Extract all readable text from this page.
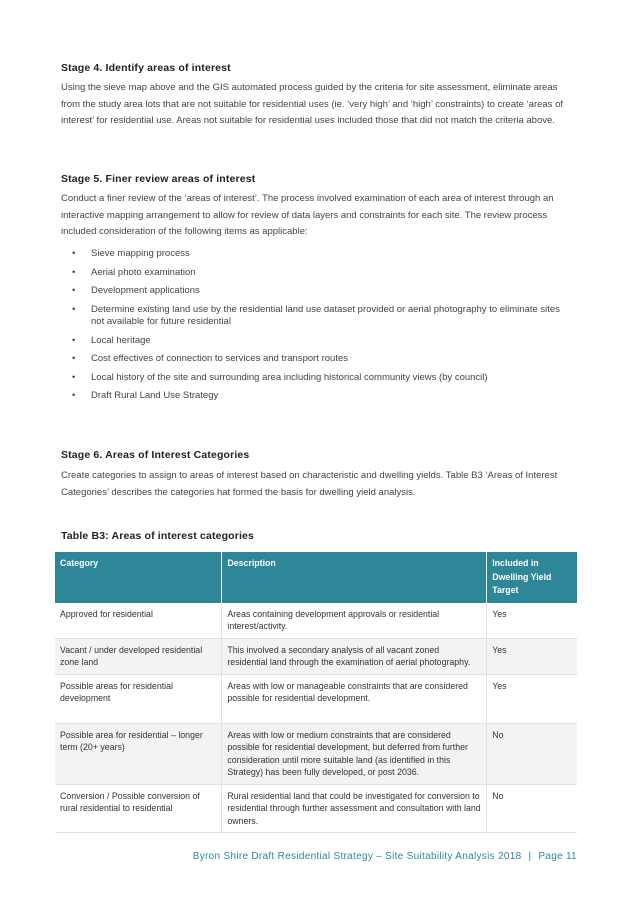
Stage 4. Identify areas of interest

Using the sieve map above and the GIS automated process guided by the criteria for site assessment, eliminate areas from the study area lots that are not suitable for residential uses (ie. ‘very high’ and ‘high’ constraints) to create ‘areas of interest’ for residential use. Areas not suitable for residential uses included those that did not match the criteria above.

Stage 5. Finer review areas of interest

Conduct a finer review of the ‘areas of interest’. The process involved examination of each area of interest through an interactive mapping arrangement to allow for review of data layers and constraints for each site. The review process included consideration of the following items as applicable:

• Sieve mapping process
• Aerial photo examination
• Development applications
• Determine existing land use by the residential land use dataset provided or aerial photography to eliminate sites not available for future residential
• Local heritage
• Cost effectives of connection to services and transport routes
• Local history of the site and surrounding area including historical community views (by council)
• Draft Rural Land Use Strategy
Stage 6. Areas of Interest Categories

Create categories to assign to areas of interest based on characteristic and dwelling yields. Table B3 ‘Areas of Interest Categories’ describes the categories hat formed the basis for dwelling yield analysis.

Table B3: Areas of interest categories
Category	Description	Included in Dwelling Yield Target
Approved for residential	Areas containing development approvals or residential interest/activity.	Yes
Vacant / under developed residential zone land	This involved a secondary analysis of all vacant zoned residential land through the examination of aerial photography.	Yes
Possible areas for residential development	Areas with low or manageable constraints that are considered possible for residential development.	Yes
Possible area for residential – longer term (20+ years)	Areas with low or medium constraints that are considered possible for residential development, but deferred from further consideration until more suitable land (as identified in this Strategy) has been fully developed, or post 2036.	No
Conversion / Possible conversion of rural residential to residential	Rural residential land that could be investigated for conversion to residential through further assessment and consultation with land owners.	No
Byron Shire Draft Residential Strategy – Site Suitability Analysis 2018 | Page 11
